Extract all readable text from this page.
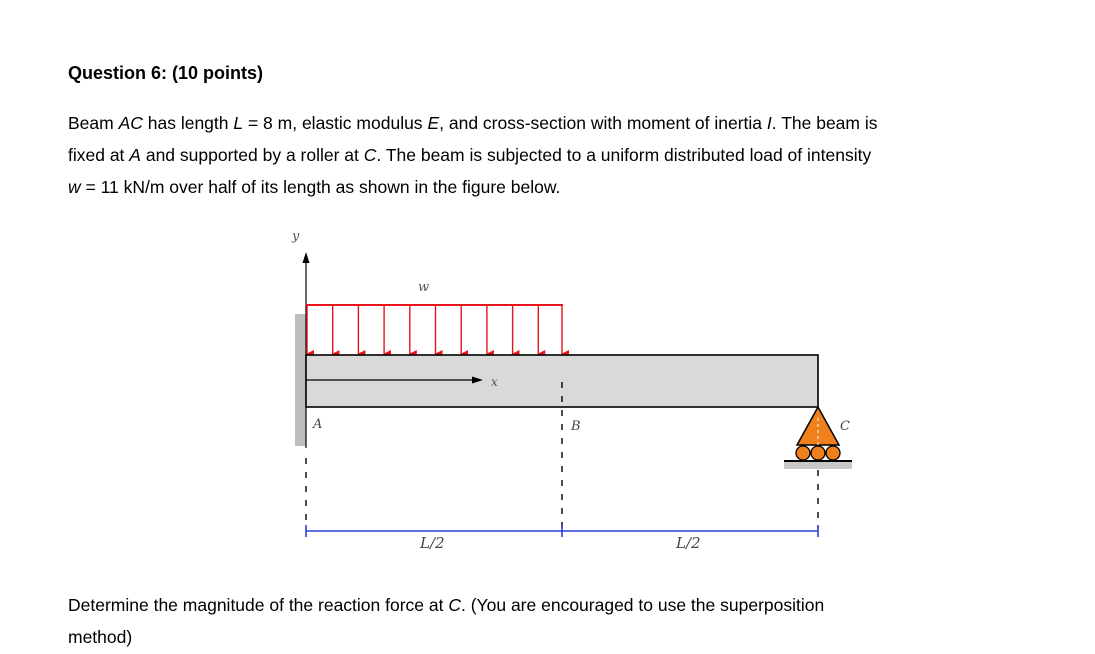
Question 6: (10 points)
Beam AC has length L = 8 m, elastic modulus E, and cross-section with moment of inertia I. The beam is
fixed at A and supported by a roller at C. The beam is subjected to a uniform distributed load of intensity
w = 11 kN/m over half of its length as shown in the figure below.
y
w
x
A	B	C
L/2	L/2
Determine the magnitude of the reaction force at C. (You are encouraged to use the superposition
method)
